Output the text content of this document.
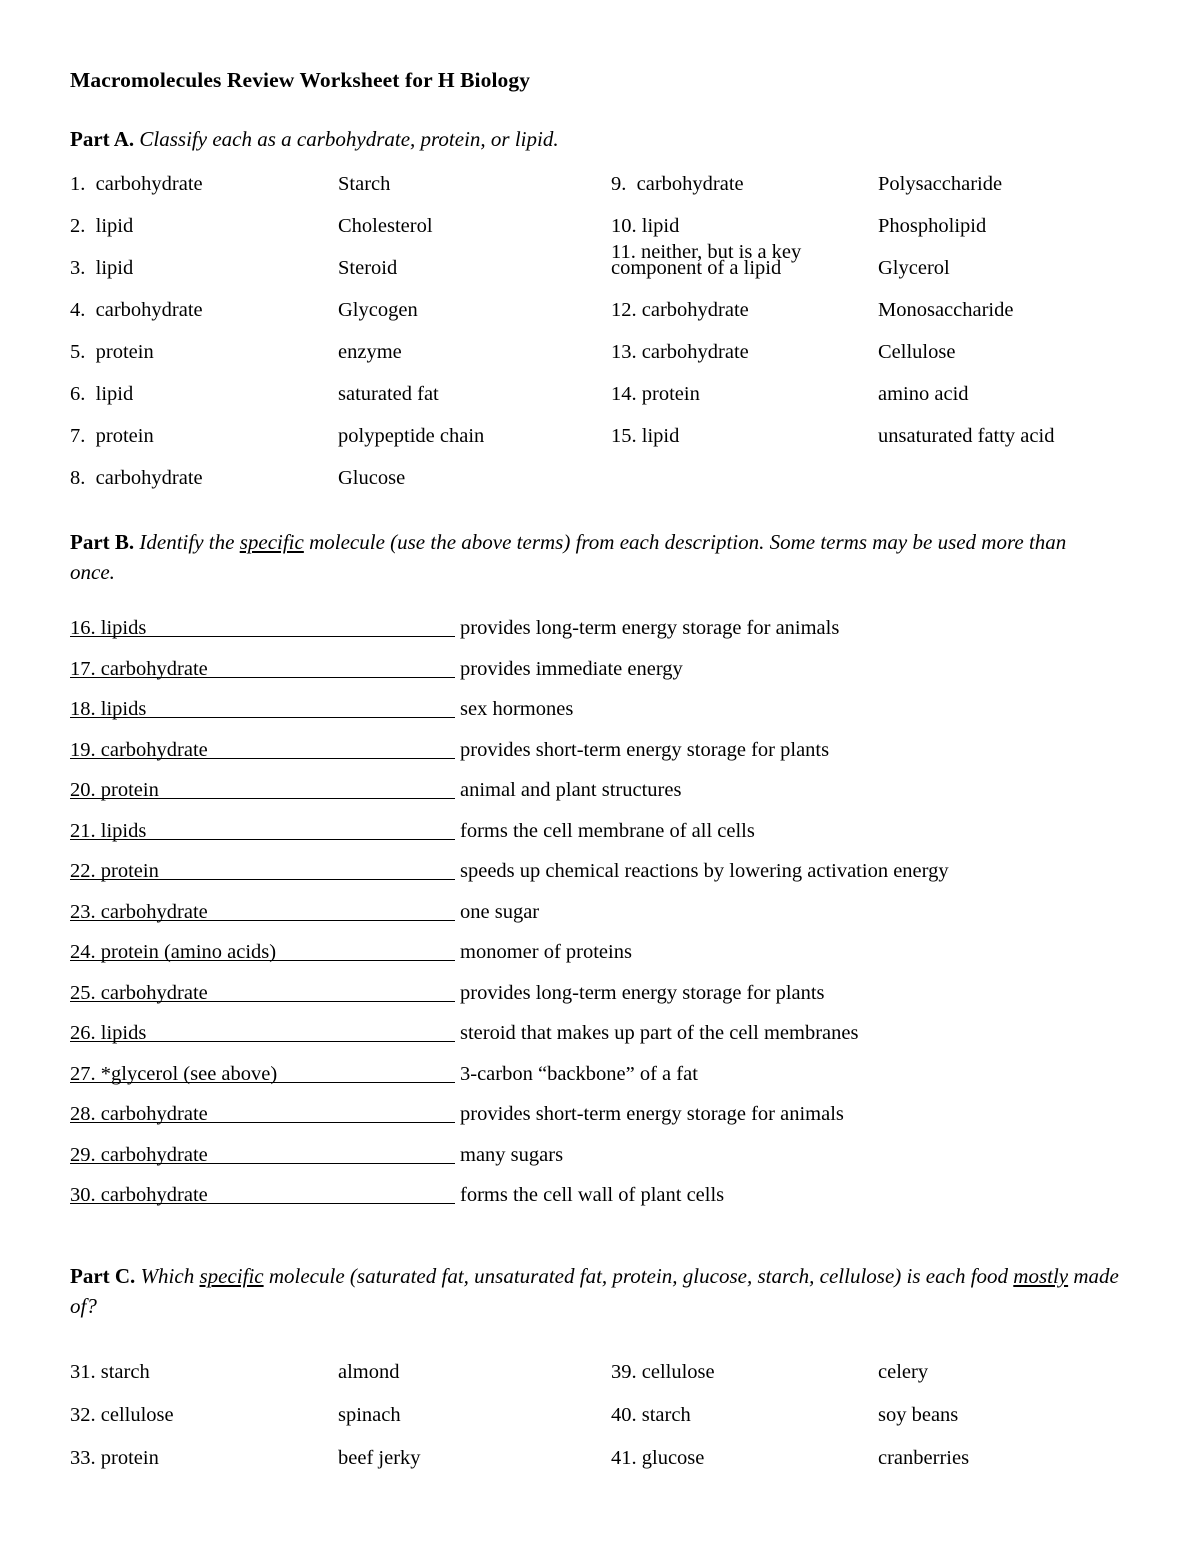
Macromolecules Review Worksheet for H Biology
Part A. Classify each as a carbohydrate, protein, or lipid.
1.  carbohydrate	Starch
2.  lipid	Cholesterol
3.  lipid	Steroid
4.  carbohydrate	Glycogen
5.  protein	enzyme
6.  lipid	saturated fat
7.  protein	polypeptide chain
8.  carbohydrate	Glucose
9.  carbohydrate	Polysaccharide
10. lipid	Phospholipid
11. neither, but is a key
component of a lipid	Glycerol
12. carbohydrate	Monosaccharide
13. carbohydrate	Cellulose
14. protein	amino acid
15. lipid	unsaturated fatty acid
Part B. Identify the specific molecule (use the above terms) from each description. Some terms may be used more than once.
16. lipids	provides long-term energy storage for animals
17. carbohydrate	provides immediate energy
18. lipids	sex hormones
19. carbohydrate	provides short-term energy storage for plants
20. protein	animal and plant structures
21. lipids	forms the cell membrane of all cells
22. protein	speeds up chemical reactions by lowering activation energy
23. carbohydrate	one sugar
24. protein (amino acids)	monomer of proteins
25. carbohydrate	provides long-term energy storage for plants
26. lipids	steroid that makes up part of the cell membranes
27. *glycerol (see above)	3-carbon “backbone” of a fat
28. carbohydrate	provides short-term energy storage for animals
29. carbohydrate	many sugars
30. carbohydrate	forms the cell wall of plant cells
Part C. Which specific molecule (saturated fat, unsaturated fat, protein, glucose, starch, cellulose) is each food mostly made of?
31. starch	almond
32. cellulose	spinach
33. protein	beef jerky
39. cellulose	celery
40. starch	soy beans
41. glucose	cranberries
